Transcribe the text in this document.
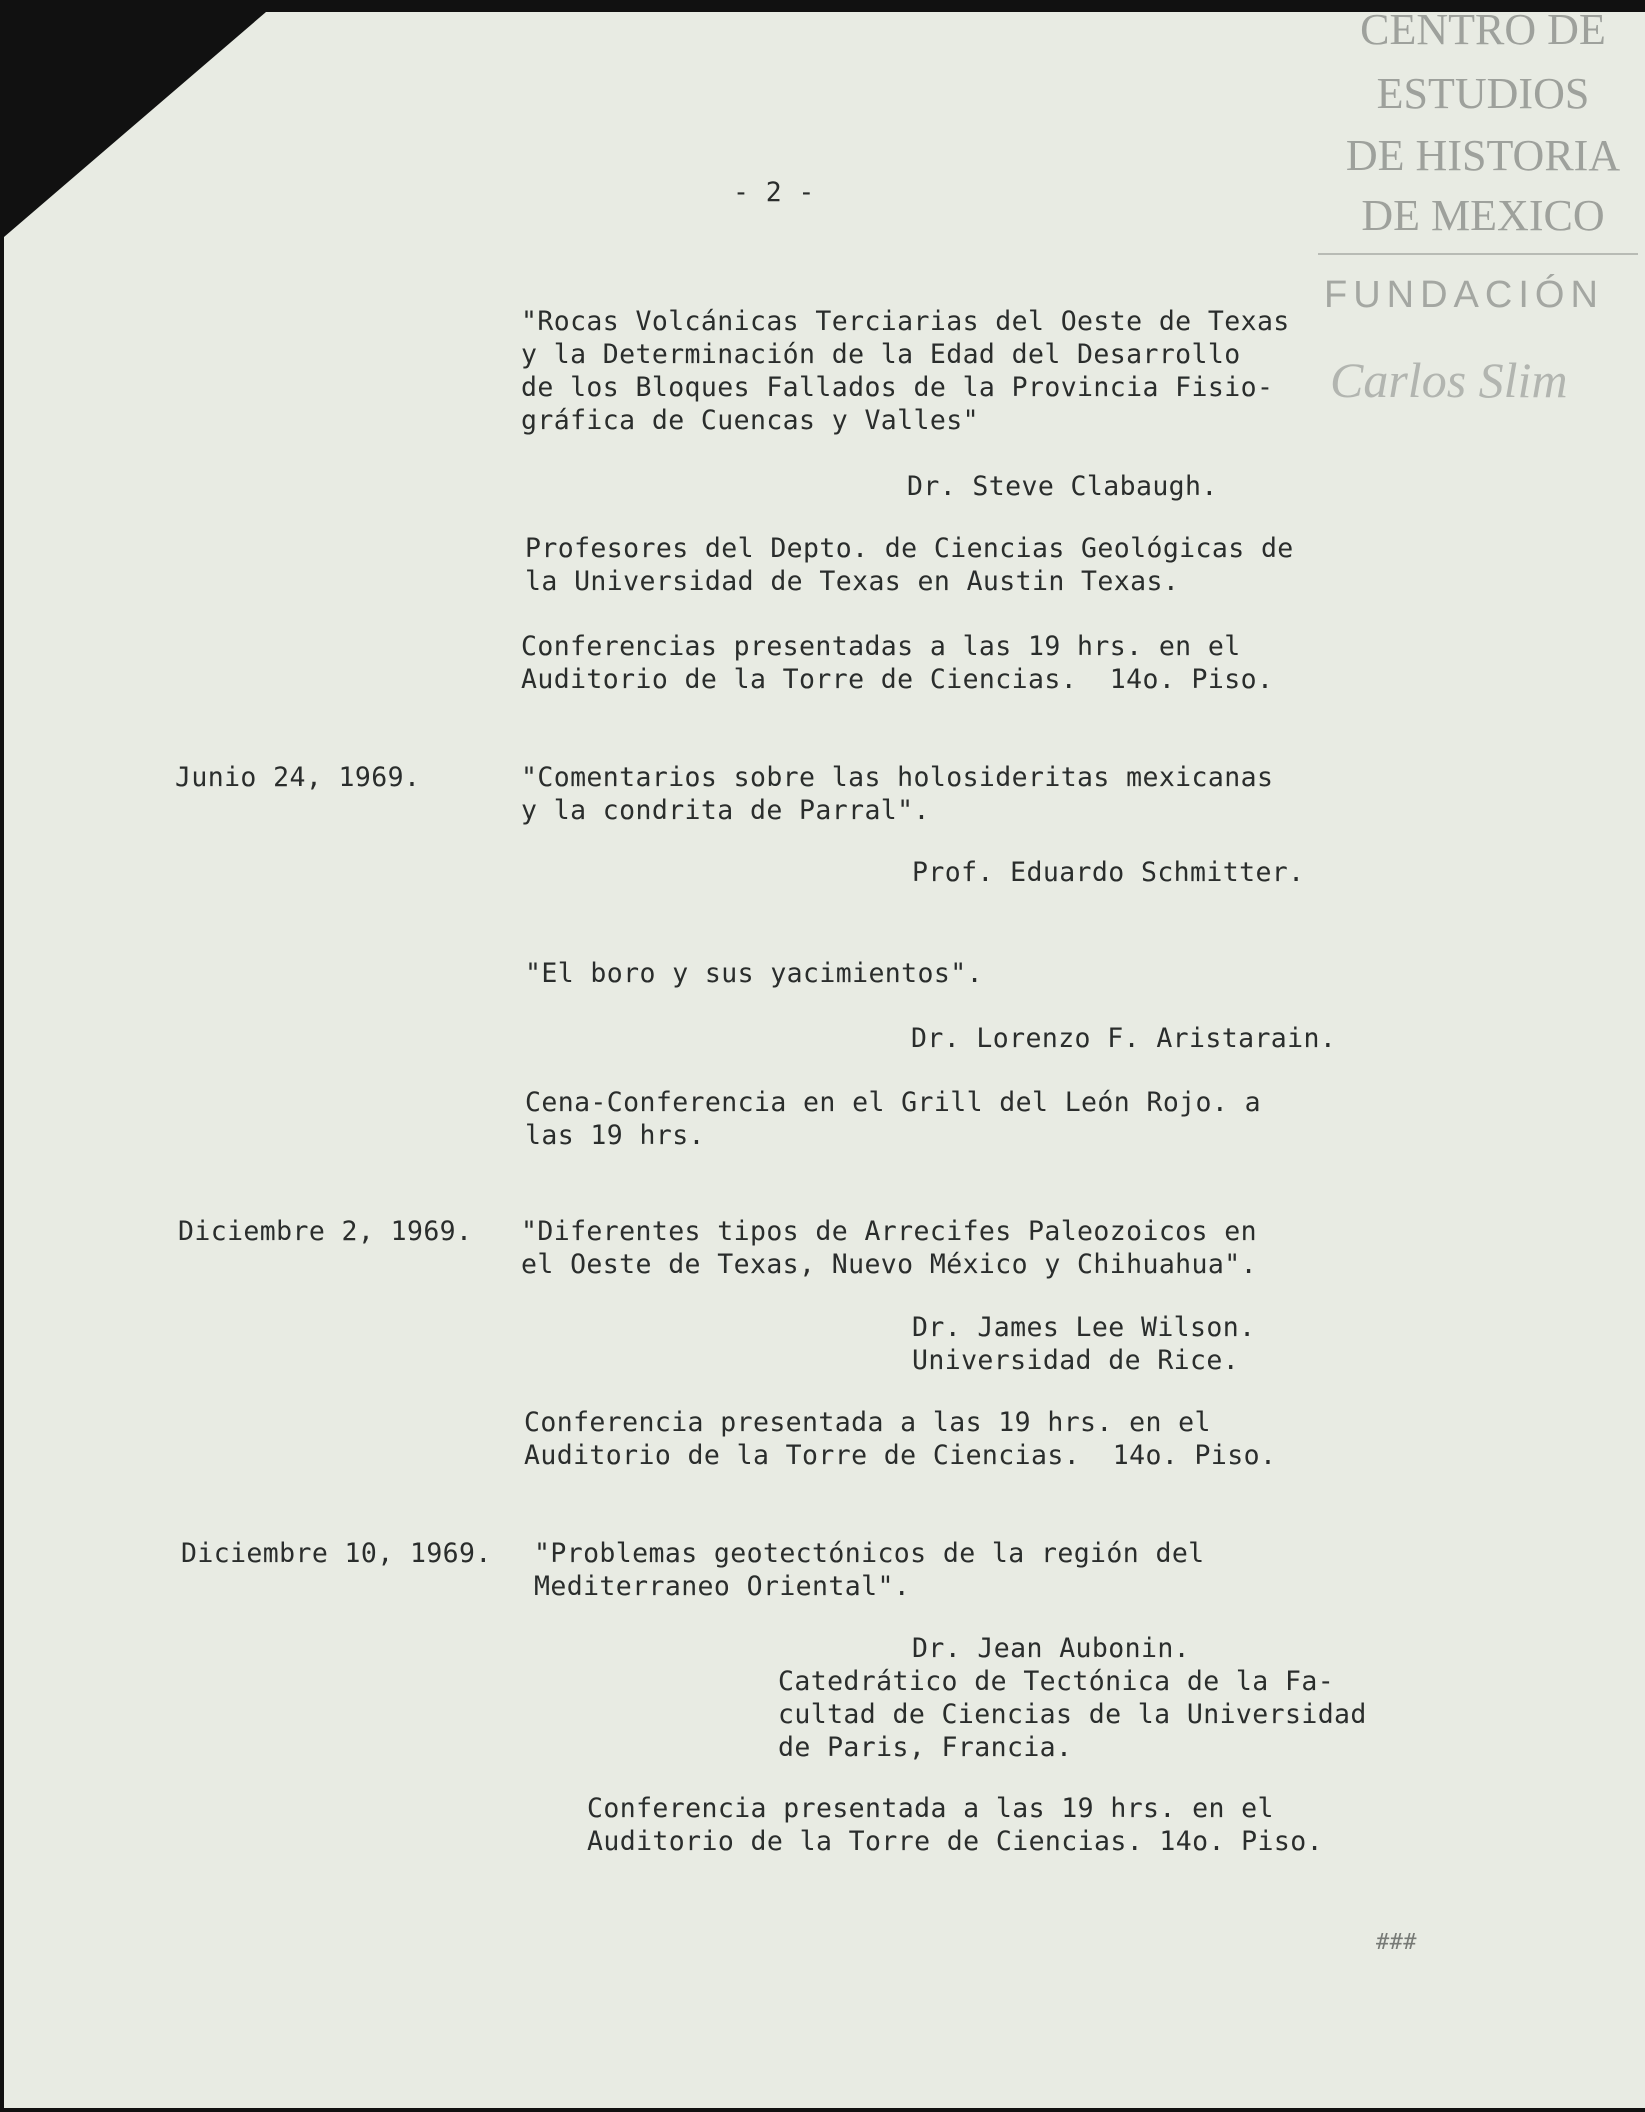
CENTRO DE
ESTUDIOS
DE HISTORIA
DE MEXICO
FUNDACIÓN
Carlos Slim
- 2 -
"Rocas Volcánicas Terciarias del Oeste de Texas
y la Determinación de la Edad del Desarrollo
de los Bloques Fallados de la Provincia Fisio-
gráfica de Cuencas y Valles"
Dr. Steve Clabaugh.
Profesores del Depto. de Ciencias Geológicas de
la Universidad de Texas en Austin Texas.
Conferencias presentadas a las 19 hrs. en el
Auditorio de la Torre de Ciencias.  14o. Piso.
Junio 24, 1969.	"Comentarios sobre las holosideritas mexicanas
y la condrita de Parral".
Prof. Eduardo Schmitter.
"El boro y sus yacimientos".
Dr. Lorenzo F. Aristarain.
Cena-Conferencia en el Grill del León Rojo. a
las 19 hrs.
Diciembre 2, 1969. "Diferentes tipos de Arrecifes Paleozoicos en
el Oeste de Texas, Nuevo México y Chihuahua".
Dr. James Lee Wilson.
Universidad de Rice.
Conferencia presentada a las 19 hrs. en el
Auditorio de la Torre de Ciencias.  14o. Piso.
Diciembre 10, 1969. "Problemas geotectónicos de la región del
Mediterraneo Oriental".
Dr. Jean Aubonin.
Catedrático de Tectónica de la Fa-
cultad de Ciencias de la Universidad
de Paris, Francia.
Conferencia presentada a las 19 hrs. en el
Auditorio de la Torre de Ciencias. 14o. Piso.
###
